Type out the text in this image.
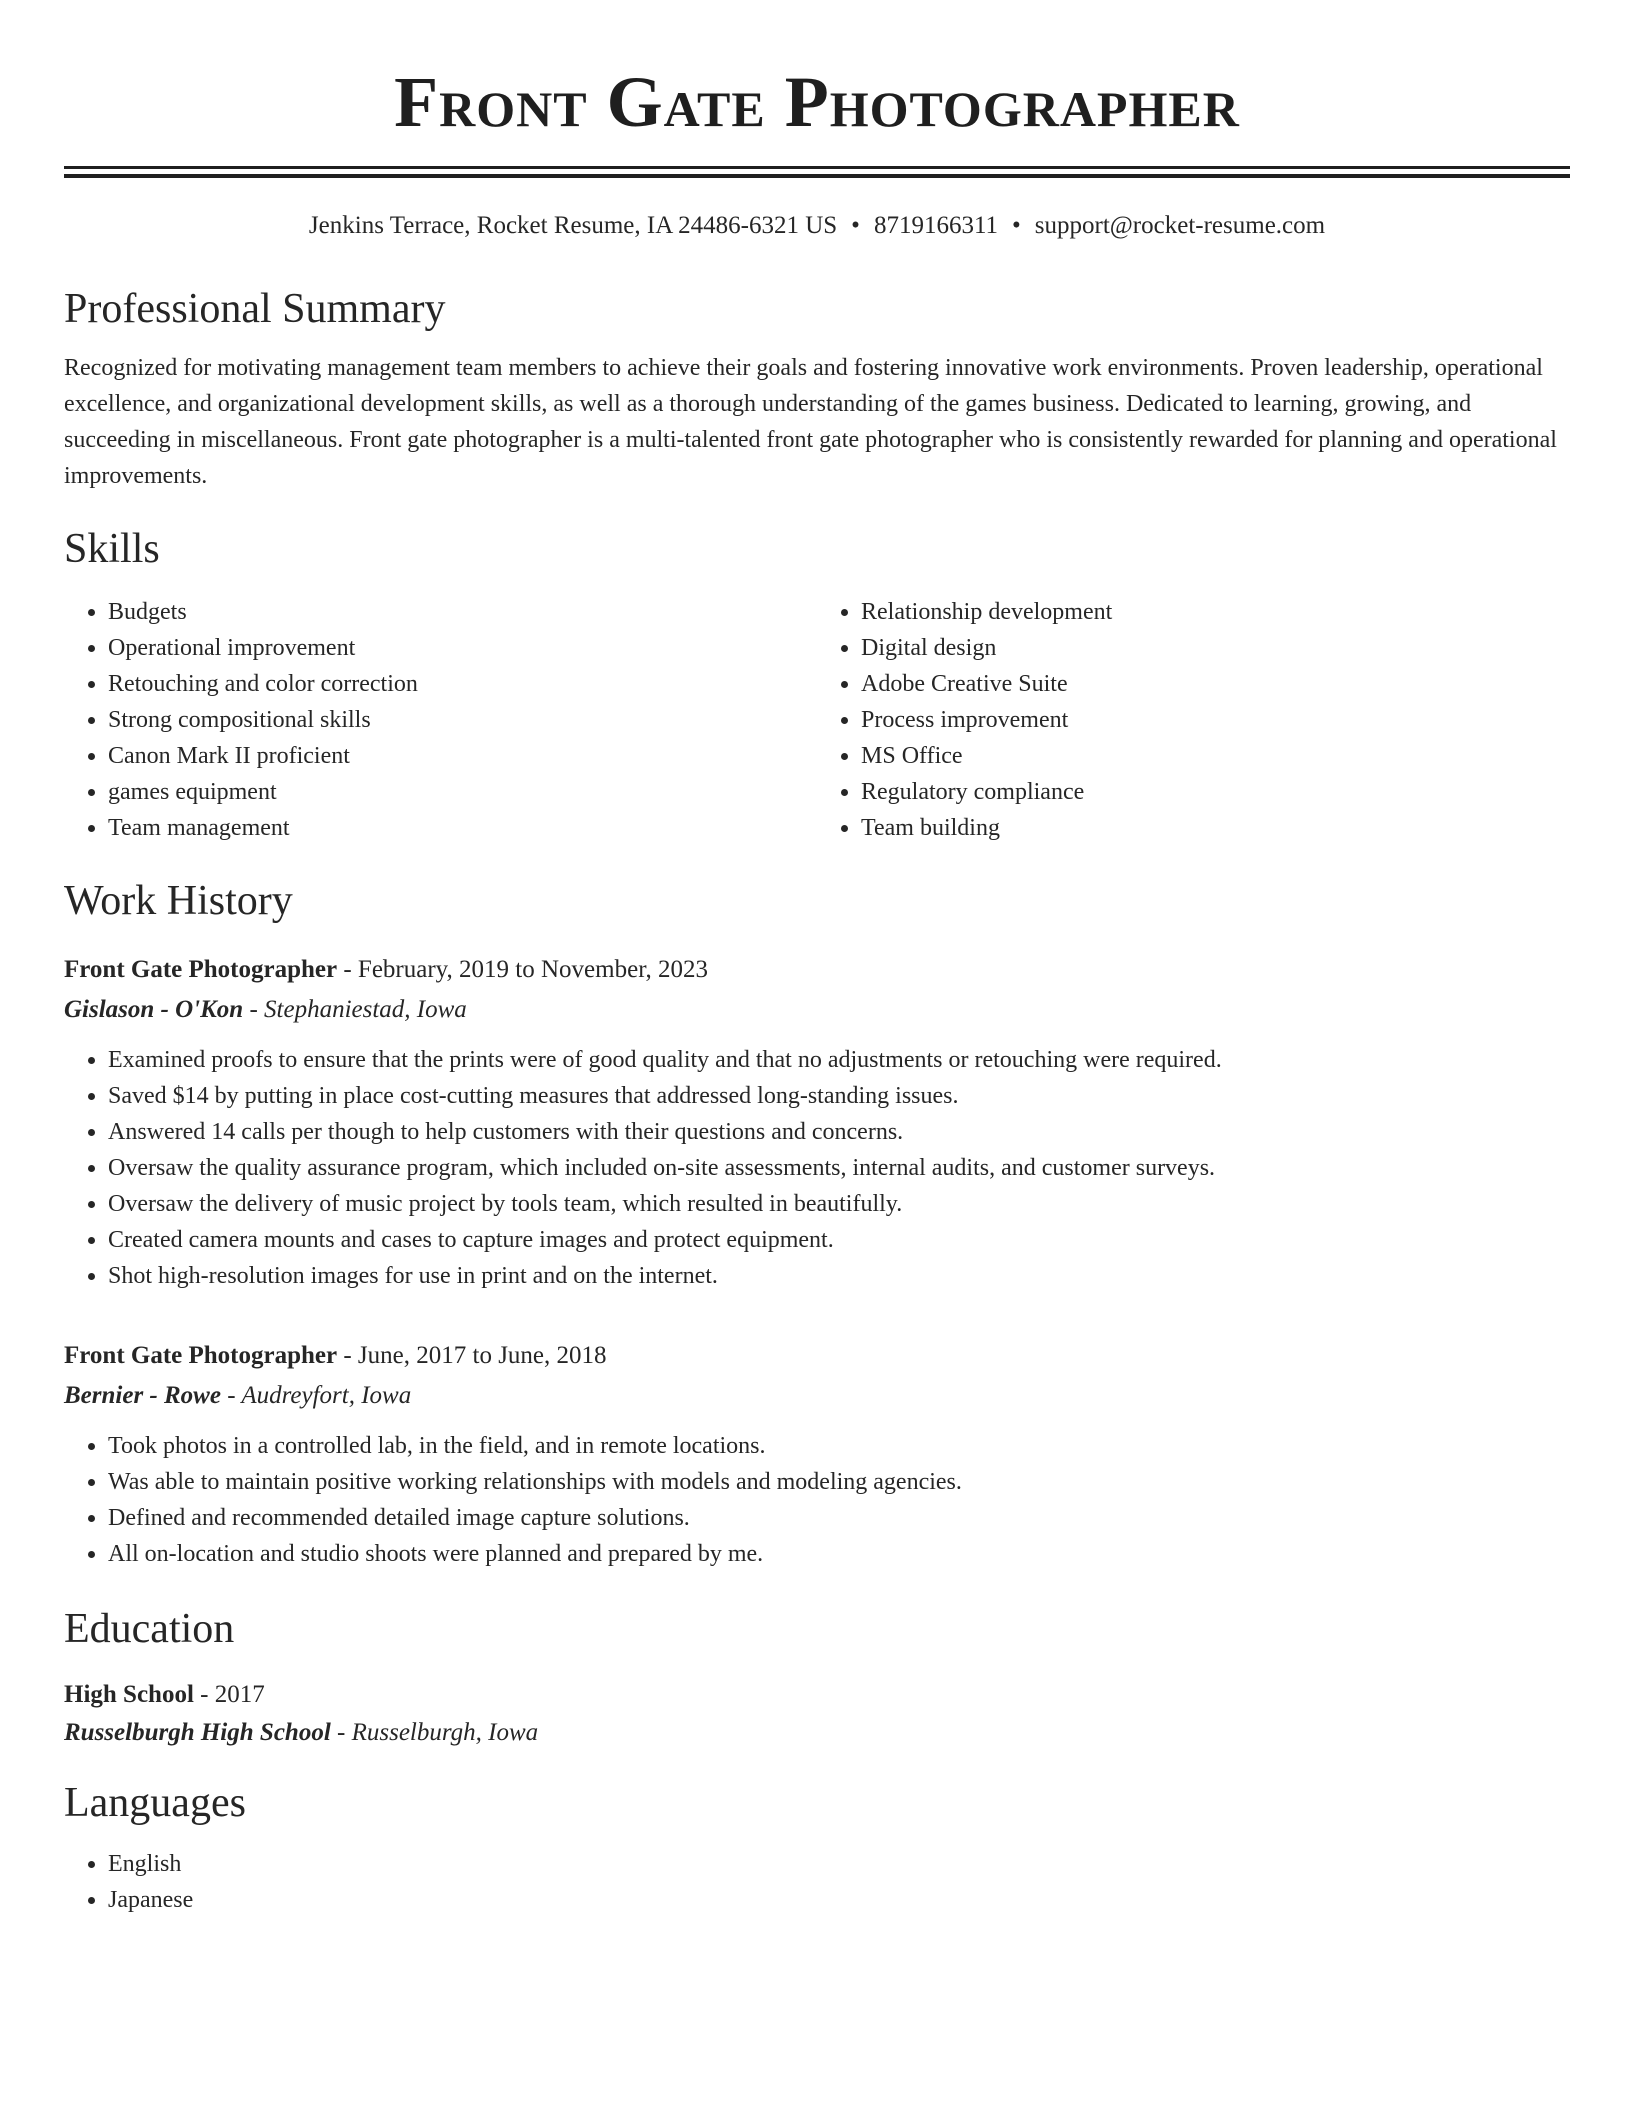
Front Gate Photographer
Jenkins Terrace, Rocket Resume, IA 24486-6321 US • 8719166311 • support@rocket-resume.com
Professional Summary

Recognized for motivating management team members to achieve their goals and fostering innovative work environments. Proven leadership, operational excellence, and organizational development skills, as well as a thorough understanding of the games business. Dedicated to learning, growing, and succeeding in miscellaneous. Front gate photographer is a multi-talented front gate photographer who is consistently rewarded for planning and operational improvements.

Skills
• Budgets
• Operational improvement
• Retouching and color correction
• Strong compositional skills
• Canon Mark II proficient
• games equipment
• Team management
• Relationship development
• Digital design
• Adobe Creative Suite
• Process improvement
• MS Office
• Regulatory compliance
• Team building
Work History
Front Gate Photographer - February, 2019 to November, 2023
Gislason - O'Kon - Stephaniestad, Iowa
• Examined proofs to ensure that the prints were of good quality and that no adjustments or retouching were required.
• Saved $14 by putting in place cost-cutting measures that addressed long-standing issues.
• Answered 14 calls per though to help customers with their questions and concerns.
• Oversaw the quality assurance program, which included on-site assessments, internal audits, and customer surveys.
• Oversaw the delivery of music project by tools team, which resulted in beautifully.
• Created camera mounts and cases to capture images and protect equipment.
• Shot high-resolution images for use in print and on the internet.
Front Gate Photographer - June, 2017 to June, 2018
Bernier - Rowe - Audreyfort, Iowa
• Took photos in a controlled lab, in the field, and in remote locations.
• Was able to maintain positive working relationships with models and modeling agencies.
• Defined and recommended detailed image capture solutions.
• All on-location and studio shoots were planned and prepared by me.
Education
High School - 2017
Russelburgh High School - Russelburgh, Iowa
Languages
• English
• Japanese
